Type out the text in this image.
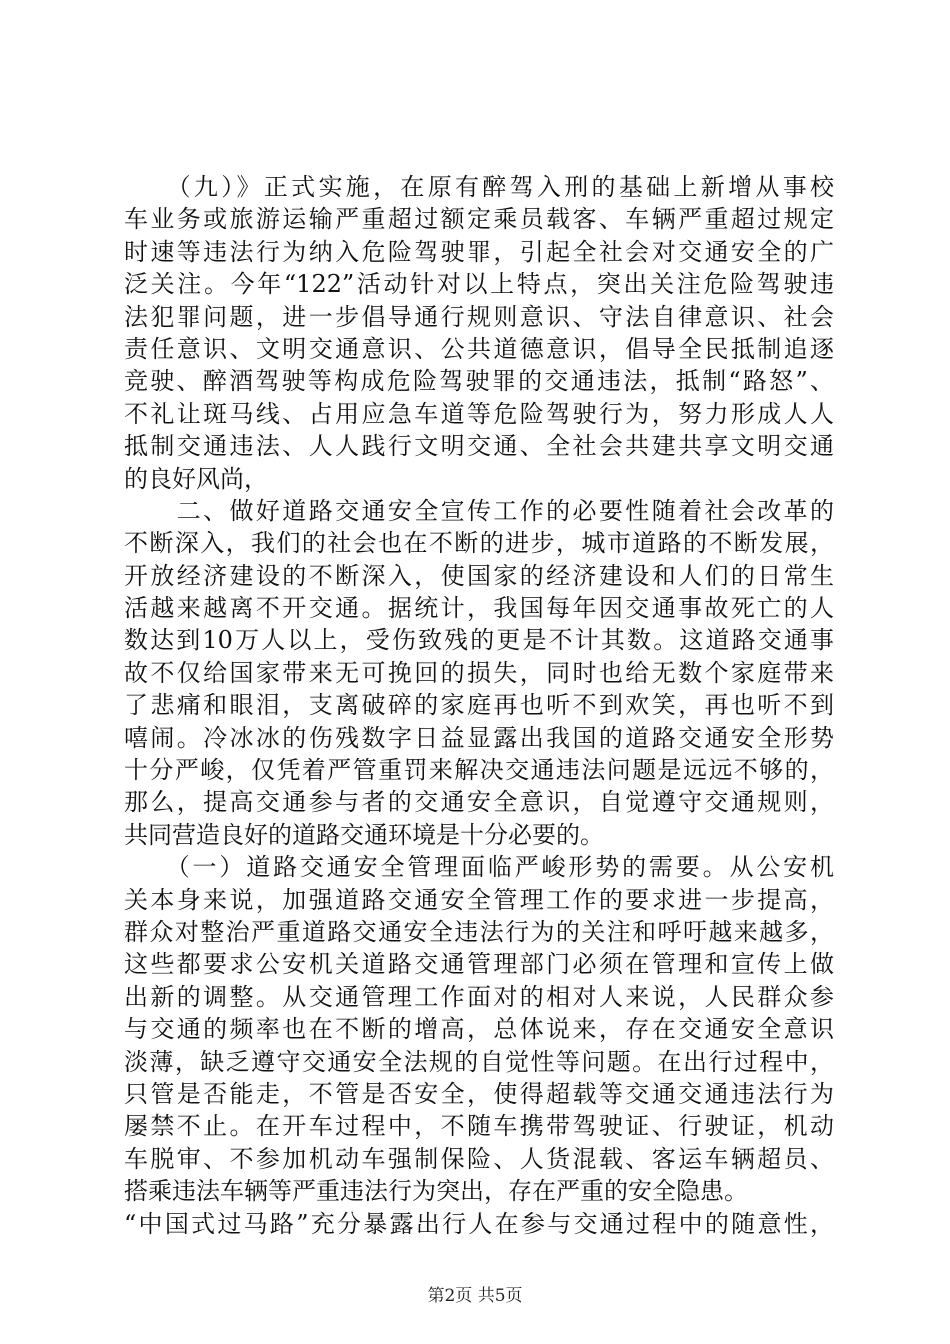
　　（九）》正式实施，在原有醉驾入刑的基础上新增从事校
车业务或旅游运输严重超过额定乘员载客、车辆严重超过规定
时速等违法行为纳入危险驾驶罪，引起全社会对交通安全的广
泛关注。今年“122”活动针对以上特点，突出关注危险驾驶违
法犯罪问题，进一步倡导通行规则意识、守法自律意识、社会
责任意识、文明交通意识、公共道德意识，倡导全民抵制追逐
竞驶、醉酒驾驶等构成危险驾驶罪的交通违法，抵制“路怒”、
不礼让斑马线、占用应急车道等危险驾驶行为，努力形成人人
抵制交通违法、人人践行文明交通、全社会共建共享文明交通
的良好风尚，
　　二、做好道路交通安全宣传工作的必要性随着社会改革的
不断深入，我们的社会也在不断的进步，城市道路的不断发展，
开放经济建设的不断深入，使国家的经济建设和人们的日常生
活越来越离不开交通。据统计，我国每年因交通事故死亡的人
数达到10万人以上，受伤致残的更是不计其数。这道路交通事
故不仅给国家带来无可挽回的损失，同时也给无数个家庭带来
了悲痛和眼泪，支离破碎的家庭再也听不到欢笑，再也听不到
嘻闹。冷冰冰的伤残数字日益显露出我国的道路交通安全形势
十分严峻，仅凭着严管重罚来解决交通违法问题是远远不够的，
那么，提高交通参与者的交通安全意识，自觉遵守交通规则，
共同营造良好的道路交通环境是十分必要的。
　　（一）道路交通安全管理面临严峻形势的需要。从公安机
关本身来说，加强道路交通安全管理工作的要求进一步提高，
群众对整治严重道路交通安全违法行为的关注和呼吁越来越多，
这些都要求公安机关道路交通管理部门必须在管理和宣传上做
出新的调整。从交通管理工作面对的相对人来说，人民群众参
与交通的频率也在不断的增高，总体说来，存在交通安全意识
淡薄，缺乏遵守交通安全法规的自觉性等问题。在出行过程中，
只管是否能走，不管是否安全，使得超载等交通交通违法行为
屡禁不止。在开车过程中，不随车携带驾驶证、行驶证，机动
车脱审、不参加机动车强制保险、人货混载、客运车辆超员、
搭乘违法车辆等严重违法行为突出，存在严重的安全隐患。
“中国式过马路”充分暴露出行人在参与交通过程中的随意性，
第2页 共5页
